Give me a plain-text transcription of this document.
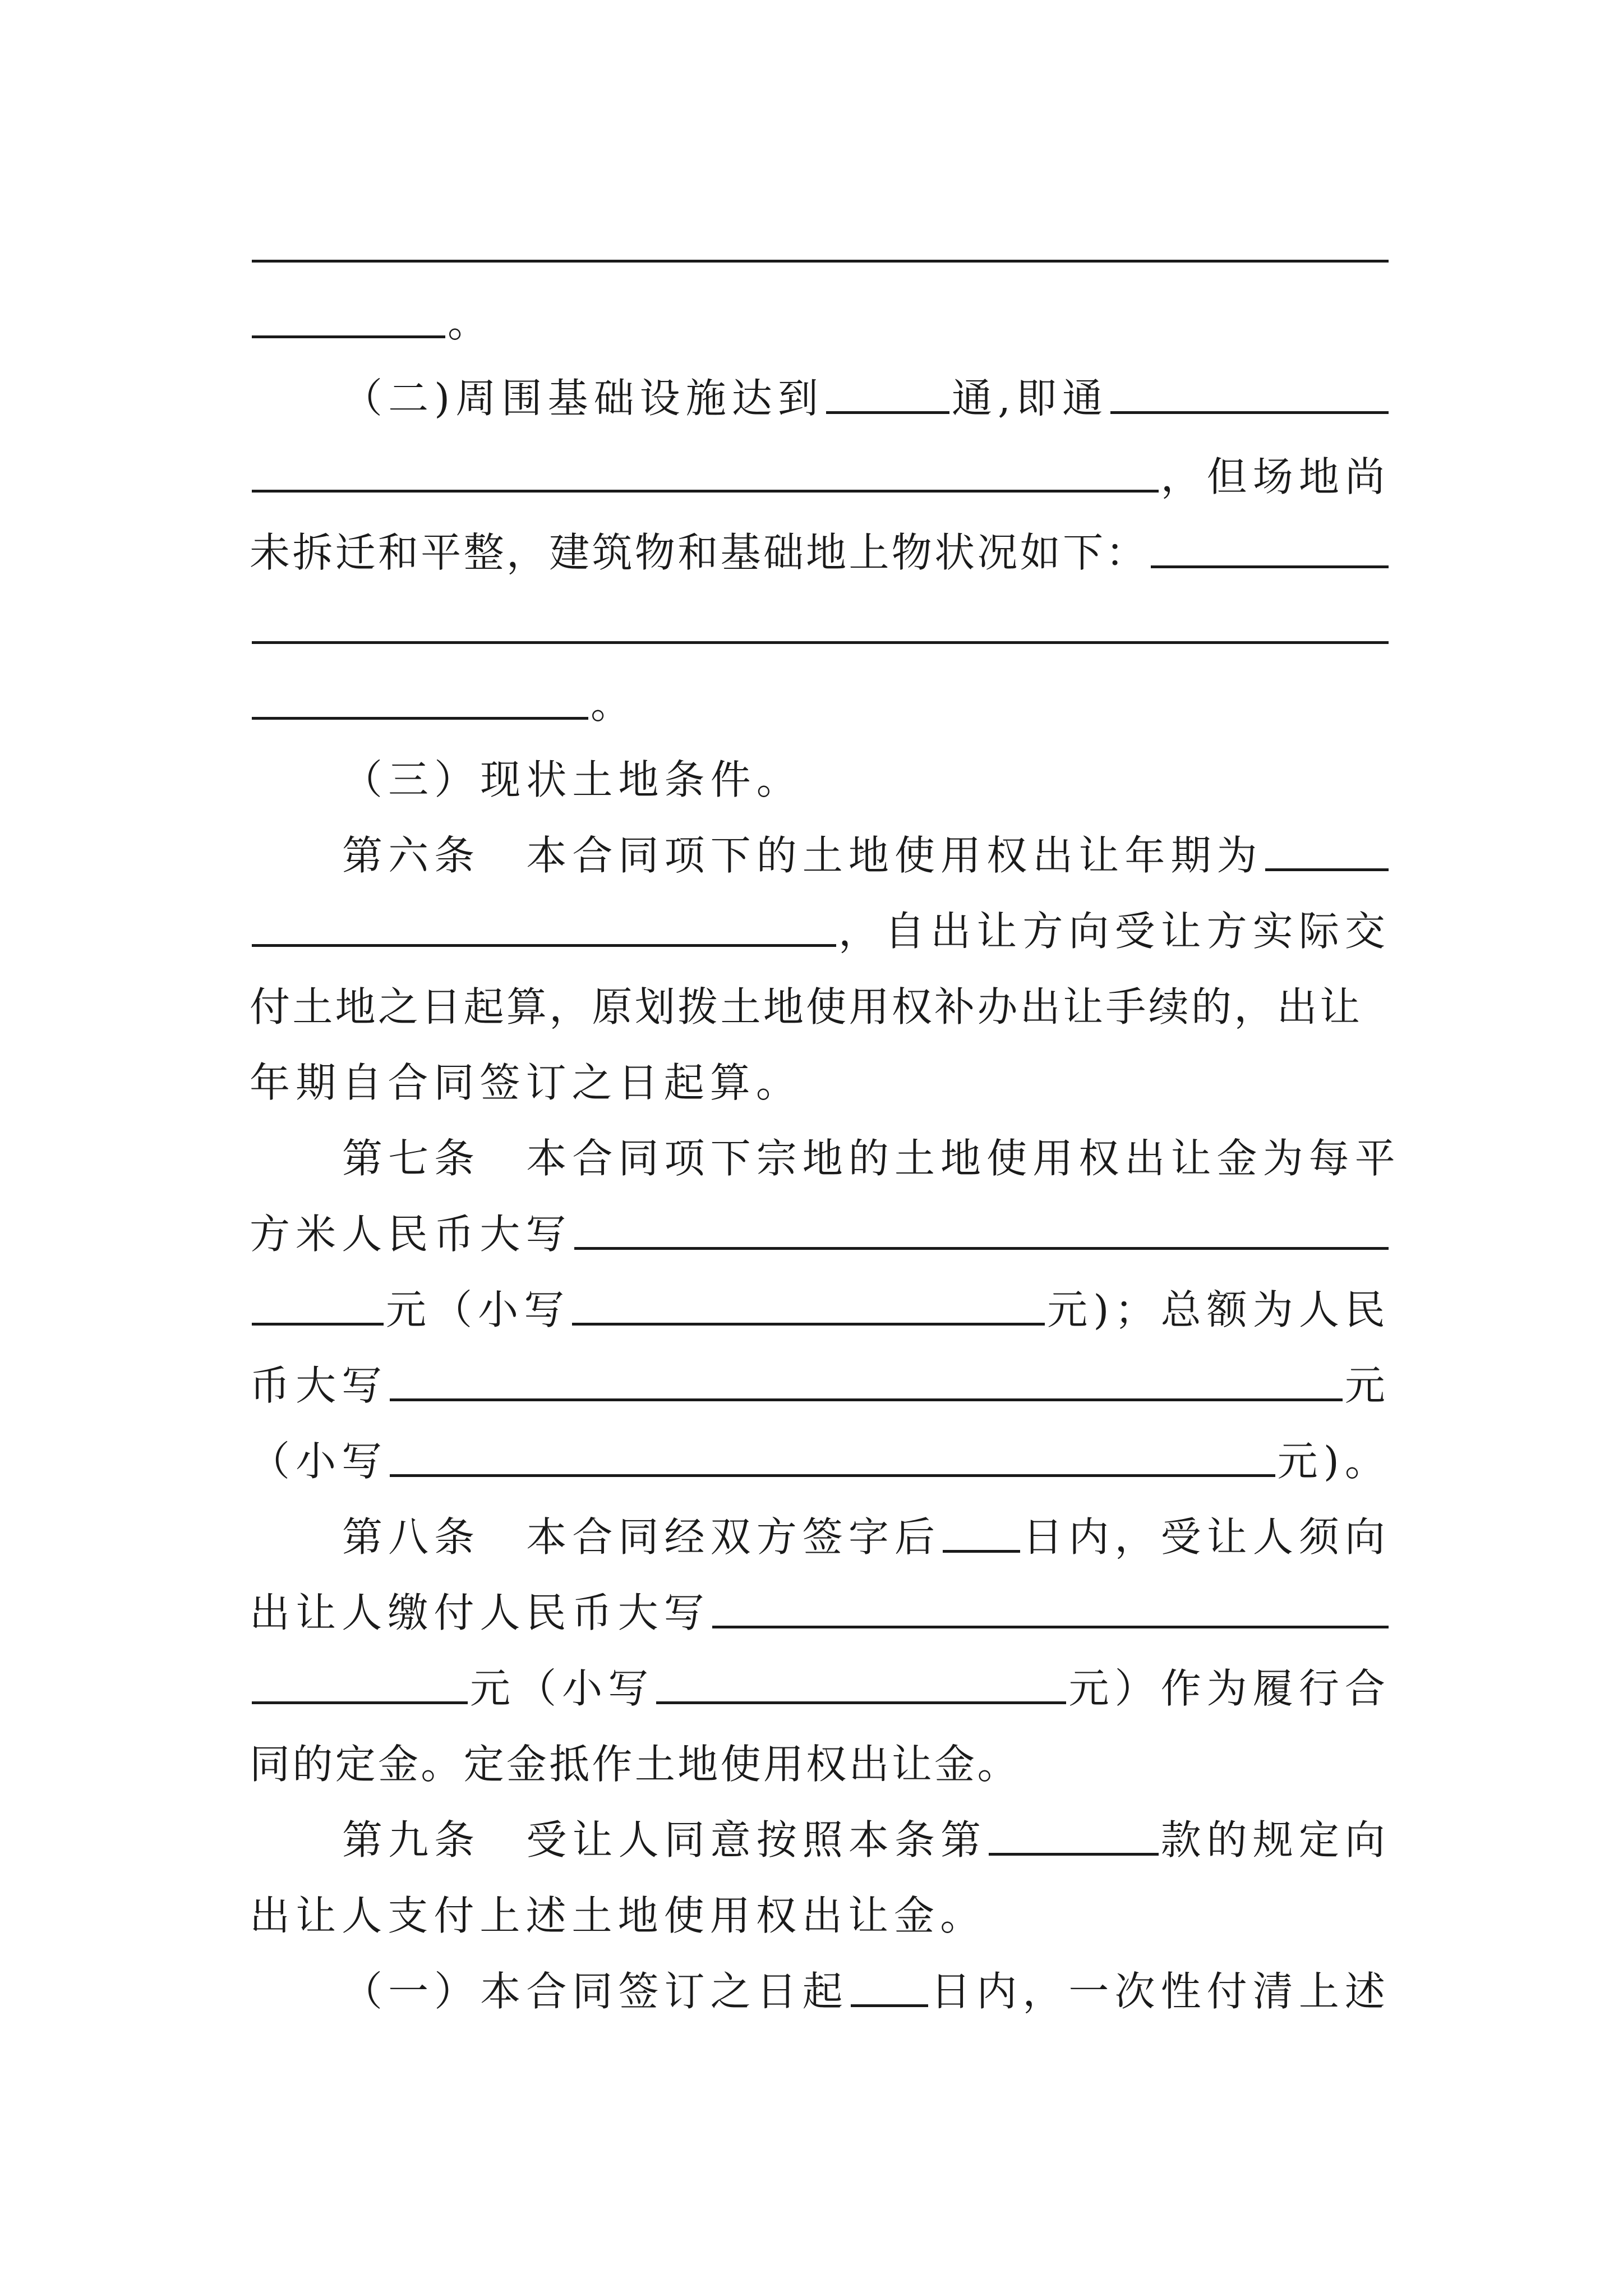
。
（二)周围基础设施达到	通,即通
，但场地尚
未拆迁和平整，建筑物和基础地上物状况如下：
。
（三）现状土地条件。
第六条　本合同项下的土地使用权出让年期为
，自出让方向受让方实际交
付土地之日起算，原划拨土地使用权补办出让手续的，出让
年期自合同签订之日起算。
第七条　本合同项下宗地的土地使用权出让金为每平
方米人民币大写
元（小写	元)；总额为人民
币大写	元
（小写	元)。
第八条　本合同经双方签字后 日内，受让人须向
出让人缴付人民币大写
元（小写	元）作为履行合
同的定金。定金抵作土地使用权出让金。
第九条　受让人同意按照本条第	款的规定向
出让人支付上述土地使用权出让金。
（一）本合同签订之日起 日内，一次性付清上述
